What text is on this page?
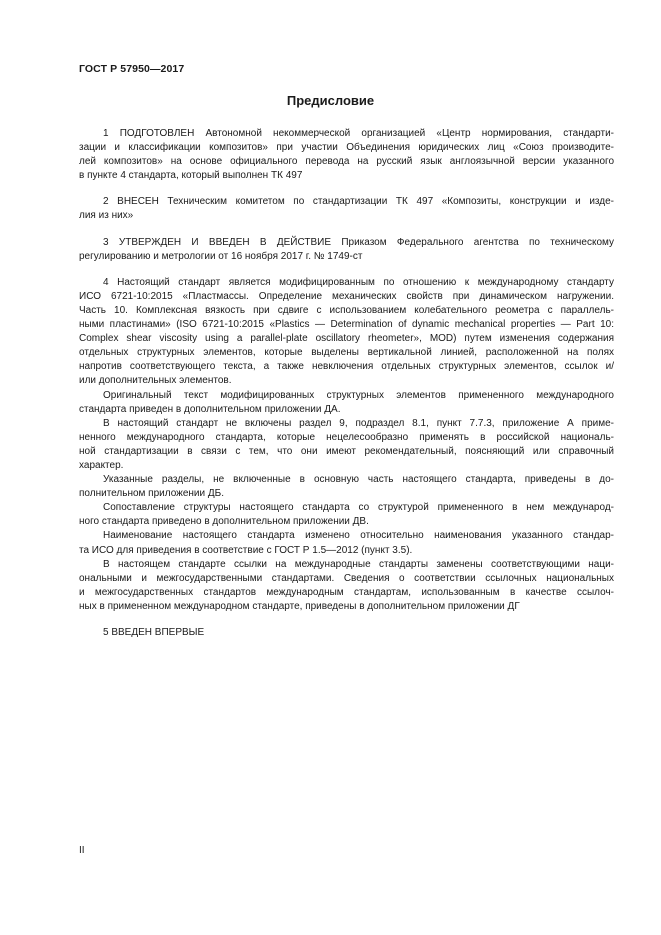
ГОСТ Р 57950—2017
Предисловие
1 ПОДГОТОВЛЕН Автономной некоммерческой организацией «Центр нормирования, стандарти-
зации и классификации композитов» при участии Объединения юридических лиц «Союз производите-
лей композитов» на основе официального перевода на русский язык англоязычной версии указанного
в пункте 4 стандарта, который выполнен ТК 497
2 ВНЕСЕН Техническим комитетом по стандартизации ТК 497 «Композиты, конструкции и изде-
лия из них»
3 УТВЕРЖДЕН И ВВЕДЕН В ДЕЙСТВИЕ Приказом Федерального агентства по техническому
регулированию и метрологии от 16 ноября 2017 г. № 1749-ст
4 Настоящий стандарт является модифицированным по отношению к международному стандарту
ИСО 6721-10:2015 «Пластмассы. Определение механических свойств при динамическом нагружении.
Часть 10. Комплексная вязкость при сдвиге с использованием колебательного реометра с параллель-
ными пластинами» (ISO 6721-10:2015 «Plastics — Determination of dynamic mechanical properties — Part 10:
Complex shear viscosity using a parallel-plate oscillatory rheometer», MOD) путем изменения содержания
отдельных структурных элементов, которые выделены вертикальной линией, расположенной на полях
напротив соответствующего текста, а также невключения отдельных структурных элементов, ссылок и/
или дополнительных элементов.
Оригинальный текст модифицированных структурных элементов примененного международного
стандарта приведен в дополнительном приложении ДА.
В настоящий стандарт не включены раздел 9, подраздел 8.1, пункт 7.7.3, приложение А приме-
ненного международного стандарта, которые нецелесообразно применять в российской националь-
ной стандартизации в связи с тем, что они имеют рекомендательный, поясняющий или справочный
характер.
Указанные разделы, не включенные в основную часть настоящего стандарта, приведены в до-
полнительном приложении ДБ.
Сопоставление структуры настоящего стандарта со структурой примененного в нем международ-
ного стандарта приведено в дополнительном приложении ДВ.
Наименование настоящего стандарта изменено относительно наименования указанного стандар-
та ИСО для приведения в соответствие с ГОСТ Р 1.5—2012 (пункт 3.5).
В настоящем стандарте ссылки на международные стандарты заменены соответствующими наци-
ональными и межгосударственными стандартами. Сведения о соответствии ссылочных национальных
и межгосударственных стандартов международным стандартам, использованным в качестве ссылоч-
ных в примененном международном стандарте, приведены в дополнительном приложении ДГ
5 ВВЕДЕН ВПЕРВЫЕ
II
